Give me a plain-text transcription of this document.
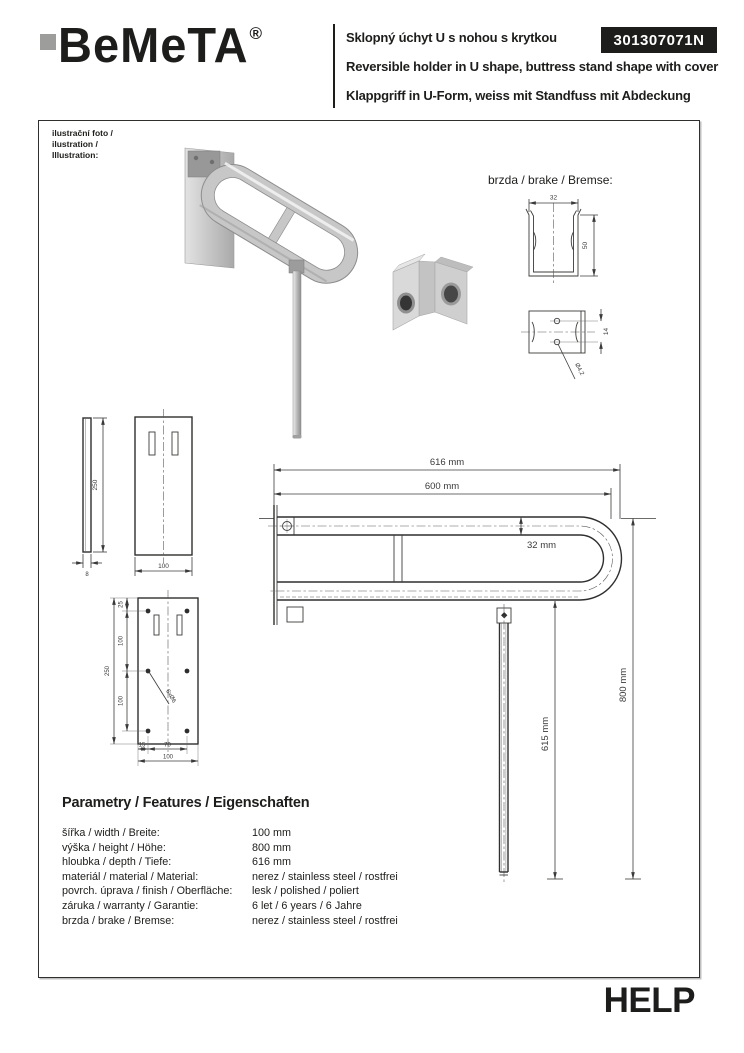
BeMeTA ®	Sklopný úchyt U s nohou s krytkou
Reversible holder in U shape, buttress stand shape with cover
Klappgriff in U-Form, weiss mit Standfuss mit Abdeckung
301307071N
ilustrační foto /
ilustration /
Illustration:
brzda / brake / Bremse:
32
50
14
Ø4,2
250
8
100
25
100
100
250
6xØ6
15	70
100
616 mm
600 mm
32 mm
615 mm
800 mm
Parametry / Features / Eigenschaften
šířka / width / Breite:	100 mm
výška / height / Höhe:	800 mm
hloubka / depth / Tiefe:	616 mm
materiál / material / Material:	nerez / stainless steel / rostfrei
povrch. úprava / finish / Oberfläche:	lesk / polished / poliert
záruka / warranty / Garantie:	6 let / 6 years / 6 Jahre
brzda / brake / Bremse:	nerez / stainless steel / rostfrei
HELP
